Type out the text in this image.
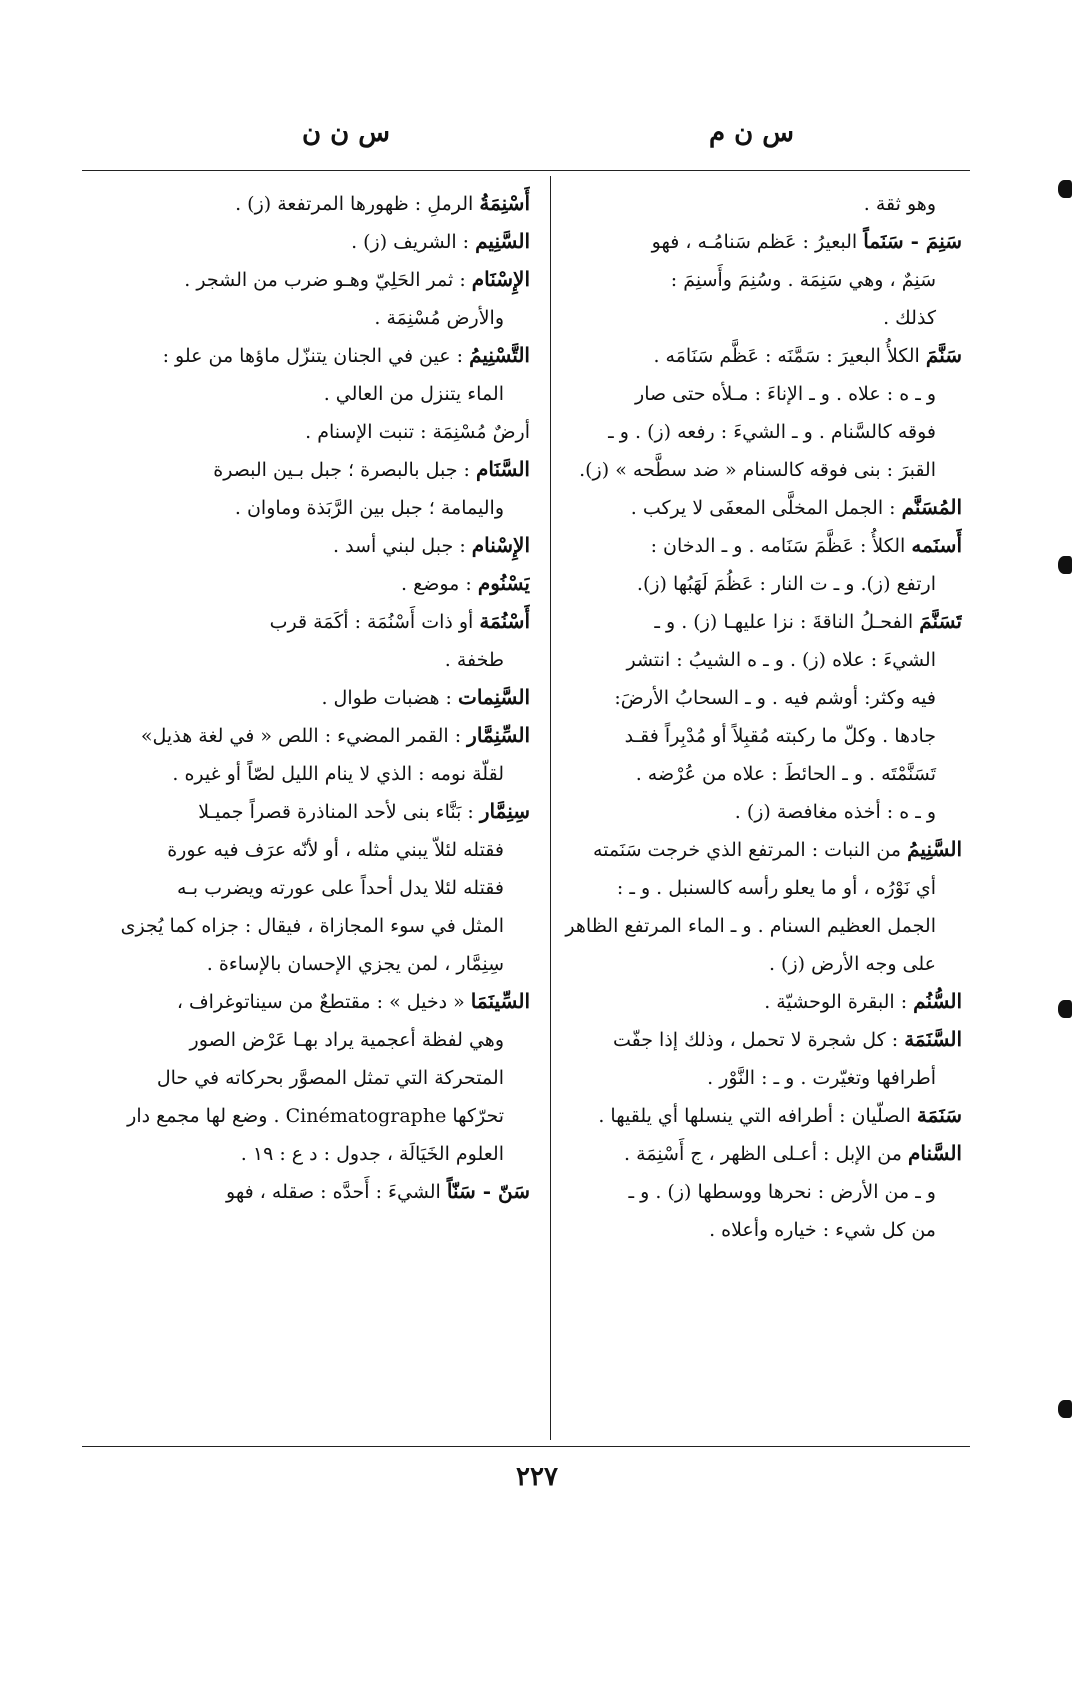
س ن م
س ن ن
وهو ثقة .
سَنِمَ - سَنَماً البعيرُ : عَظم سَنامُـه ، فهو
سَنِمٌ ، وهي سَنِمَة . وسُنِمَ وأَسنِمَ :
كذلك .
سَنَّمَ الكلأُ البعيرَ : سَمَّنَه : عَظَّم سَنَامَه .
و ـ ه : علاه . و ـ الإناءَ : مـلأه حتى صار
فوقه كالسَّنام . و ـ الشيءَ : رفعه (ز) . و ـ
القبرَ : بنى فوقه كالسنام « ضد سطَّحه » (ز).
المُسَنَّم : الجمل المخلَّى المعفَى لا يركب .
أَسنَمه الكلأُ : عَظَّمَ سَنَامه . و ـ الدخان :
ارتفع (ز). و ـ ت النار : عَظُمَ لَهَبُها (ز).
تَسَنَّمَ الفحـلُ الناقةَ : نزا عليهـا (ز) . و ـ
الشيءَ : علاه (ز) . و ـ ه الشيبُ : انتشر
فيه وكثر: أوشم فيه . و ـ السحابُ الأرضَ:
جادها . وكلّ ما ركبته مُقبِلاً أو مُدْبِراً فقـد
تَسَنَّمْتَه . و ـ الحائطَ : علاه من عُرْضه .
و ـ ه : أخذه مغافصة (ز) .
السَّنِيمُ من النبات : المرتفع الذي خرجت سَنَمته
أي نَوْرُه ، أو ما يعلو رأسه كالسنبل . و ـ :
الجمل العظيم السنام . و ـ الماء المرتفع الظاهر
على وجه الأرض (ز) .
السُّنُم : البقرة الوحشيّة .
السَّنَمَة : كل شجرة لا تحمل ، وذلك إذا جفّت
أطرافها وتغيّرت . و ـ : النَّوْر .
سَنَمَة الصلّيان : أطرافه التي ينسلها أي يلقيها .
السَّنام من الإبل : أعـلى الظهر ، ج أَسْنِمَة .
و ـ من الأرض : نحرها ووسطها (ز) . و ـ
من كل شيء : خياره وأعلاه .
أَسْنِمَةُ الرملِ : ظهورها المرتفعة (ز) .
السَّنِيم : الشريف (ز) .
الإِسْنَام : ثمر الحَلِيّ وهـو ضرب من الشجر .
والأرض مُسْنِمَة .
التَّسْنِيمُ : عين في الجنان يتنزّل ماؤها من علو :
الماء يتنزل من العالي .
أرضٌ مُسْنِمَة : تنبت الإسنام .
السَّنَام : جبل بالبصرة ؛ جبل بـين البصرة
واليمامة ؛ جبل بين الرَّبَذة وماوان .
الإِسْنام : جبل لبني أسد .
يَسْنُوم : موضع .
أَسْنُمَة أو ذات أَسْنُمَة : أكَمَة قرب
طخفة .
السَّنِمات : هضبات طوال .
السِّنِمَّار : القمر المضيء : اللص « في لغة هذيل»
لقلّة نومه : الذي لا ينام الليل لصّاً أو غيره .
سِنِمَّار : بَنَّاء بنى لأحد المناذرة قصراً جميـلا
فقتله لئلاّ يبني مثله ، أو لأنّه عرَف فيه عورة
فقتله لئلا يدل أحداً على عورته ويضرب بـه
المثل في سوء المجازاة ، فيقال : جزاه كما يُجزى
سِنِمَّار ، لمن يجزي الإحسان بالإساءة .
السِّينَمَا « دخيل » : مقتطعٌ من سيناتوغراف ،
وهي لفظة أعجمية يراد بهـا عَرْض الصور
المتحركة التي تمثل المصوَّر بحركاته في حال
تحرّكها Cinématographe . وضع لها مجمع دار
العلوم الخَيَالَة ، جدول : د ع : ١٩ .
سَنّ - سَنّاً الشيءَ : أَحدَّه : صقله ، فهو
٢٢٧
